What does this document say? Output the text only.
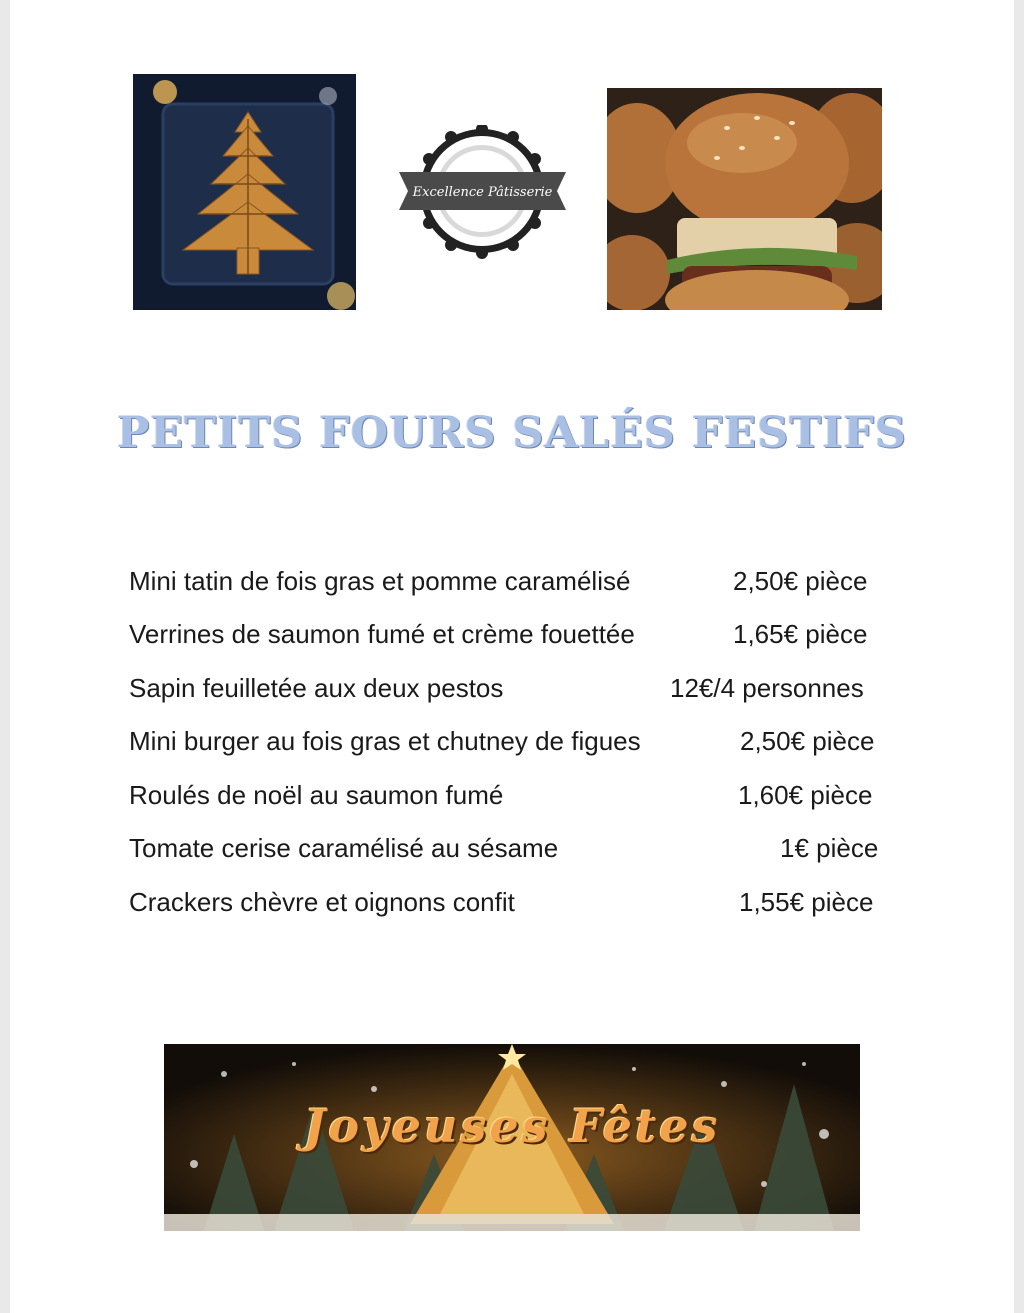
Excellence Pâtisserie
PETITS FOURS SALÉS FESTIFS
Mini tatin de fois gras et pomme caramélisé	2,50€ pièce
Verrines de saumon fumé et crème fouettée	1,65€ pièce
Sapin feuilletée aux deux pestos	12€/4 personnes
Mini burger au fois gras et chutney de figues	2,50€ pièce
Roulés de noël au saumon fumé	1,60€ pièce
Tomate cerise caramélisé au sésame	1€ pièce
Crackers chèvre et oignons confit	1,55€ pièce
Joyeuses Fêtes
